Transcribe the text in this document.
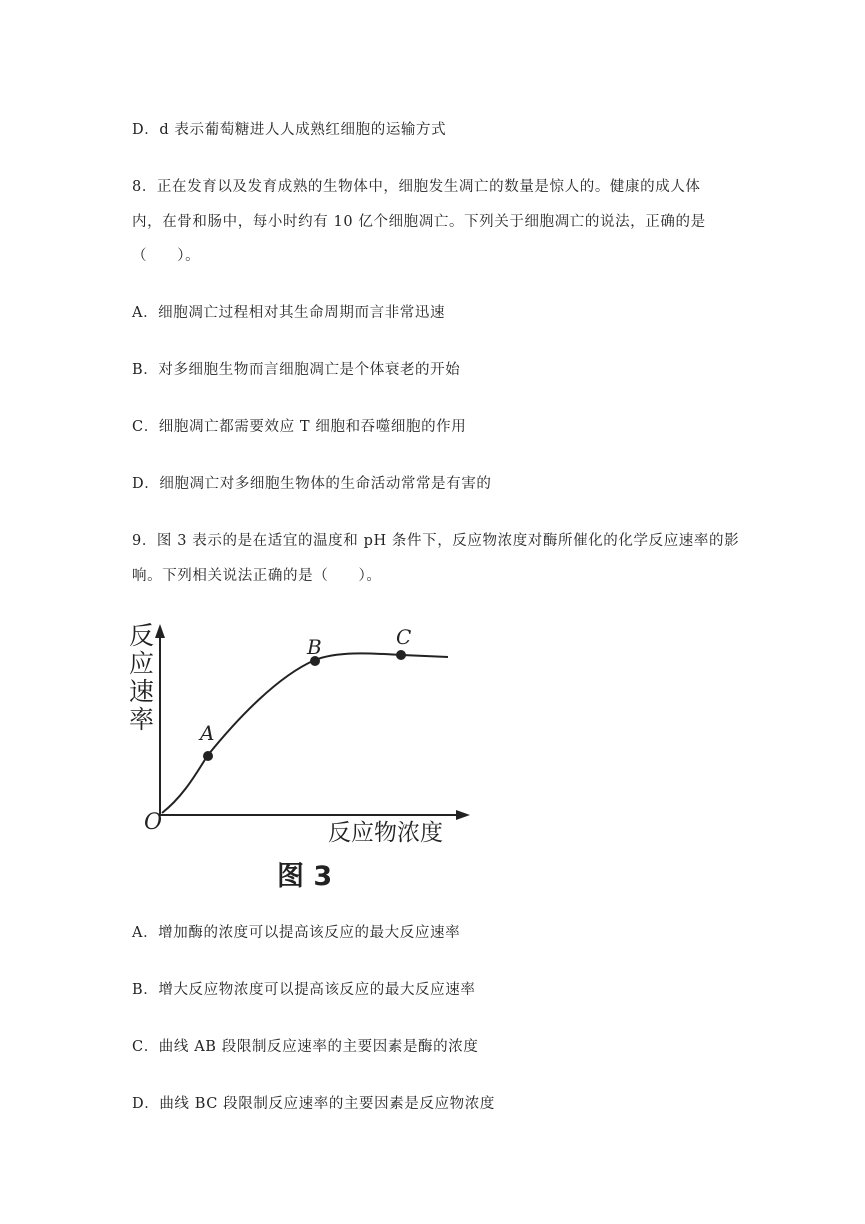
D．d 表示葡萄糖进人人成熟红细胞的运输方式
8．正在发育以及发育成熟的生物体中，细胞发生凋亡的数量是惊人的。健康的成人体
内，在骨和肠中，每小时约有 10 亿个细胞凋亡。下列关于细胞凋亡的说法，正确的是
（　　）。
A．细胞凋亡过程相对其生命周期而言非常迅速
B．对多细胞生物而言细胞凋亡是个体衰老的开始
C．细胞凋亡都需要效应 T 细胞和吞噬细胞的作用
D．细胞凋亡对多细胞生物体的生命活动常常是有害的
9．图 3 表示的是在适宜的温度和 pH 条件下，反应物浓度对酶所催化的化学反应速率的影
响。下列相关说法正确的是（　　）。
A
B	C
O
反
应
速
率
反应物浓度
图 3
A．增加酶的浓度可以提高该反应的最大反应速率
B．增大反应物浓度可以提高该反应的最大反应速率
C．曲线 AB 段限制反应速率的主要因素是酶的浓度
D．曲线 BC 段限制反应速率的主要因素是反应物浓度
